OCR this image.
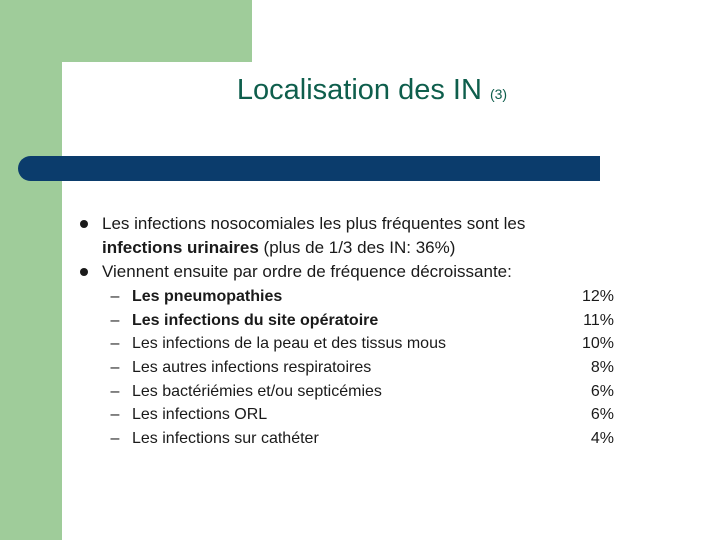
Localisation des IN (3)
Les infections nosocomiales les plus fréquentes sont les
infections urinaires (plus de 1/3 des IN: 36%)
Viennent ensuite par ordre de fréquence décroissante:
– Les pneumopathies	12%
– Les infections du site opératoire	11%
– Les infections de la peau et des tissus mous	10%
– Les autres infections respiratoires	8%
– Les bactériémies et/ou septicémies	6%
– Les infections ORL	6%
– Les infections sur cathéter	4%
